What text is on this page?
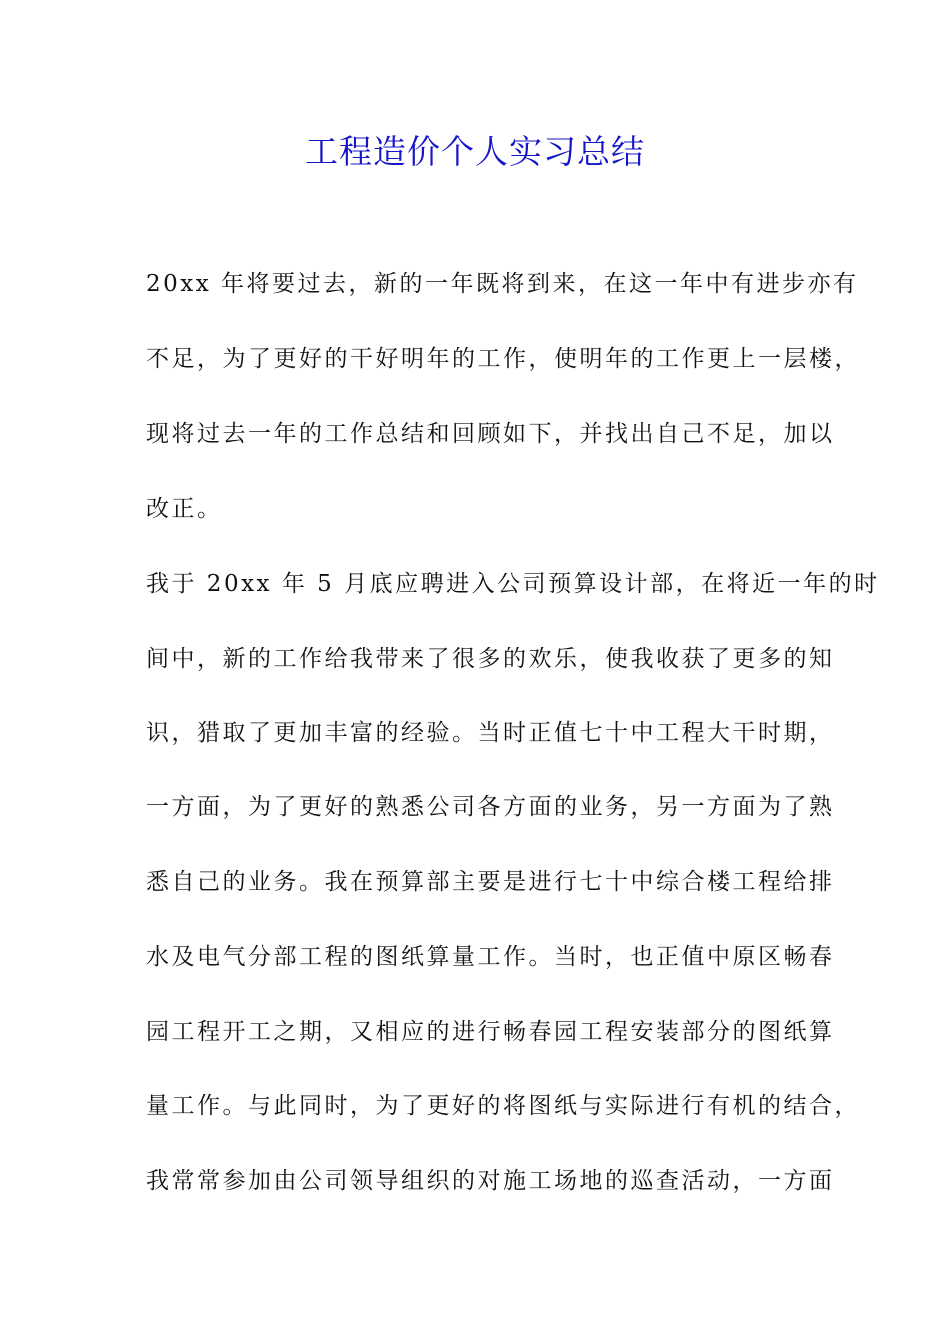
工程造价个人实习总结
20xx 年将要过去，新的一年既将到来，在这一年中有进步亦有
不足，为了更好的干好明年的工作，使明年的工作更上一层楼，
现将过去一年的工作总结和回顾如下，并找出自己不足，加以
改正。
我于 20xx 年 5 月底应聘进入公司预算设计部，在将近一年的时
间中，新的工作给我带来了很多的欢乐，使我收获了更多的知
识，猎取了更加丰富的经验。当时正值七十中工程大干时期，
一方面，为了更好的熟悉公司各方面的业务，另一方面为了熟
悉自己的业务。我在预算部主要是进行七十中综合楼工程给排
水及电气分部工程的图纸算量工作。当时，也正值中原区畅春
园工程开工之期，又相应的进行畅春园工程安装部分的图纸算
量工作。与此同时，为了更好的将图纸与实际进行有机的结合，
我常常参加由公司领导组织的对施工场地的巡查活动，一方面
